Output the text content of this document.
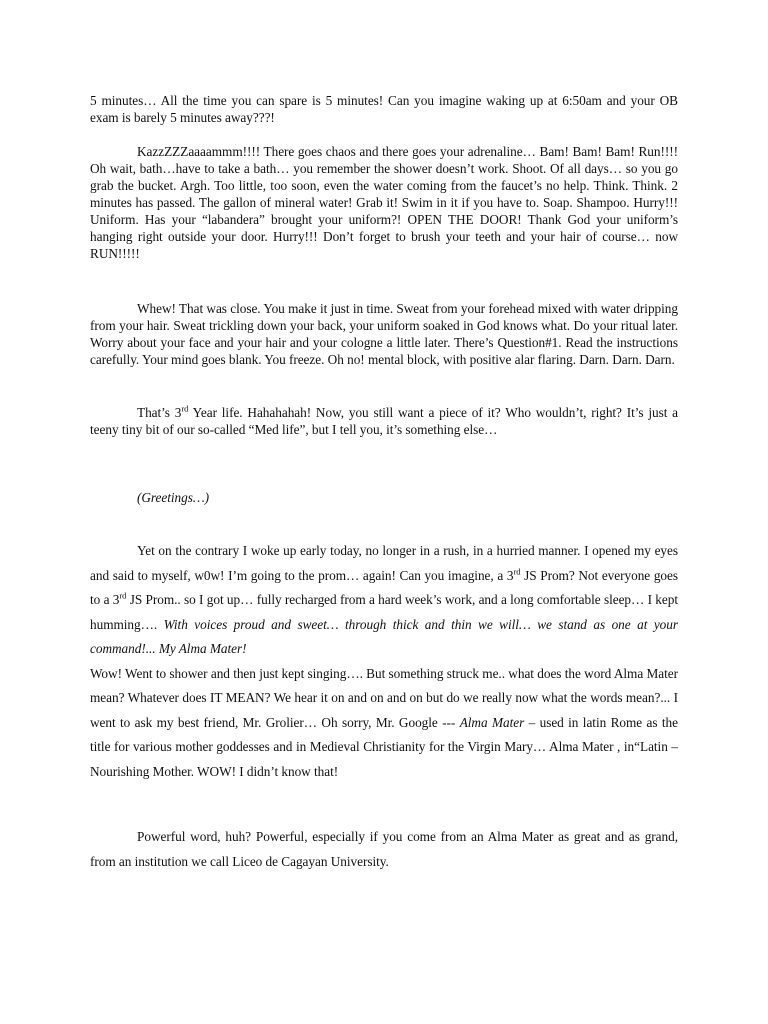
5 minutes… All the time you can spare is 5 minutes! Can you imagine waking up at 6:50am and your OB exam is barely 5 minutes away???!

KazzZZZaaaammm!!!! There goes chaos and there goes your adrenaline… Bam! Bam! Bam! Run!!!! Oh wait, bath…have to take a bath… you remember the shower doesn’t work. Shoot. Of all days… so you go grab the bucket. Argh. Too little, too soon, even the water coming from the faucet’s no help. Think. Think. 2 minutes has passed. The gallon of mineral water! Grab it! Swim in it if you have to. Soap. Shampoo. Hurry!!! Uniform. Has your “labandera” brought your uniform?! OPEN THE DOOR! Thank God your uniform’s hanging right outside your door. Hurry!!! Don’t forget to brush your teeth and your hair of course… now RUN!!!!!

Whew! That was close. You make it just in time. Sweat from your forehead mixed with water dripping from your hair. Sweat trickling down your back, your uniform soaked in God knows what. Do your ritual later. Worry about your face and your hair and your cologne a little later. There’s Question#1. Read the instructions carefully. Your mind goes blank. You freeze. Oh no! mental block, with positive alar flaring. Darn. Darn. Darn.

That’s 3rd Year life. Hahahahah! Now, you still want a piece of it? Who wouldn’t, right? It’s just a teeny tiny bit of our so-called “Med life”, but I tell you, it’s something else…

(Greetings…)

Yet on the contrary I woke up early today, no longer in a rush, in a hurried manner. I opened my eyes and said to myself, w0w! I’m going to the prom… again! Can you imagine, a 3rd JS Prom? Not everyone goes to a 3rd JS Prom.. so I got up… fully recharged from a hard week’s work, and a long comfortable sleep… I kept humming…. With voices proud and sweet… through thick and thin we will… we stand as one at your command!... My Alma Mater!
Wow! Went to shower and then just kept singing…. But something struck me.. what does the word Alma Mater mean? Whatever does IT MEAN? We hear it on and on and on but do we really now what the words mean?... I went to ask my best friend, Mr. Grolier… Oh sorry, Mr. Google --- Alma Mater – used in latin Rome as the title for various mother goddesses and in Medieval Christianity for the Virgin Mary… Alma Mater , in“Latin – Nourishing Mother. WOW! I didn’t know that!

Powerful word, huh? Powerful, especially if you come from an Alma Mater as great and as grand, from an institution we call Liceo de Cagayan University.
